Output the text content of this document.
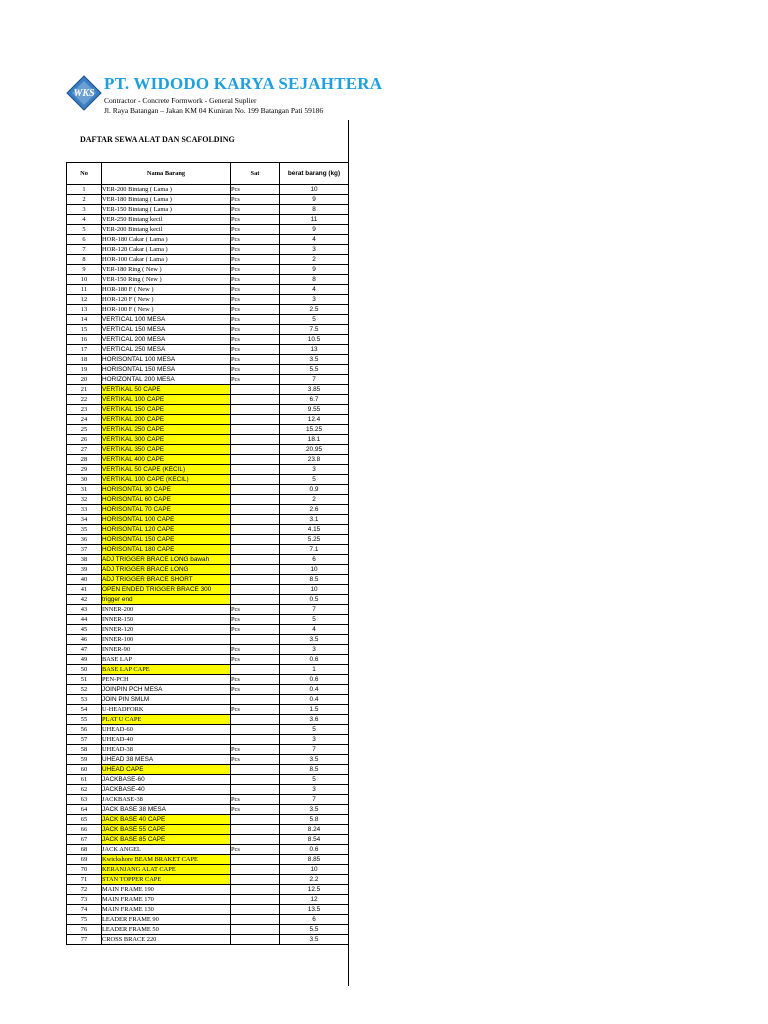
WKS
PT. WIDODO KARYA SEJAHTERA
Contractor - Concrete Formwork - General Suplier
Jl. Raya Batangan – Jakan KM 04 Kuniran No. 199 Batangan Pati 59186
DAFTAR SEWA ALAT DAN SCAFOLDING
No	Nama Barang	Sat	berat barang (kg)
1	VER-200 Bintang ( Lama )	Pcs	10
2	VER-180 Bintang ( Lama )	Pcs	9
3	VER-150 Bintang ( Lama )	Pcs	8
4	VER-250 Bintang kecil	Pcs	11
5	VER-200 Bintang kecil	Pcs	9
6	HOR-180 Cakar ( Lama )	Pcs	4
7	HOR-120 Cakar ( Lama )	Pcs	3
8	HOR-100 Cakar ( Lama )	Pcs	2
9	VER-180 Ring ( New )	Pcs	9
10	VER-150 Ring ( New )	Pcs	8
11	HOR-180 F ( New )	Pcs	4
12	HOR-120 F ( New )	Pcs	3
13	HOR-100 F ( New )	Pcs	2.5
14	VERTICAL 100 MESA	Pcs	5
15	VERTICAL 150 MESA	Pcs	7.5
16	VERTICAL 200 MESA	Pcs	10.5
17	VERTICAL 250 MESA	Pcs	13
18	HORISONTAL 100 MESA	Pcs	3.5
19	HORISONTAL 150 MESA	Pcs	5.5
20	HORIZONTAL 200 MESA	Pcs	7
21	VERTIKAL 50 CAPE		3.85
22	VERTIKAL 100 CAPE		6.7
23	VERTIKAL 150 CAPE		9.55
24	VERTIKAL 200 CAPE		12.4
25	VERTIKAL 250 CAPE		15.25
26	VERTIKAL 300 CAPE		18.1
27	VERTIKAL 350 CAPE		20.95
28	VERTIKAL 400 CAPE		23.8
29	VERTIKAL 50 CAPE (KECIL)		3
30	VERTIKAL 100 CAPE (KECIL)		5
31	HORISONTAL 30 CAPE		0.9
32	HORISONTAL 60 CAPE		2
33	HORISONTAL 70 CAPE		2.6
34	HORISONTAL 100 CAPE		3.1
35	HORISONTAL 120 CAPE		4.15
36	HORISONTAL 150 CAPE		5.25
37	HORISONTAL 180 CAPE		7.1
38	ADJ TRIGGER BRACE LONG bawah		6
39	ADJ TRIGGER BRACE LONG		10
40	ADJ TRIGGER BRACE SHORT		8.5
41	OPEN ENDED TRIGGER BRACE 300		10
42	trigger end		0.5
43	INNER-200	Pcs	7
44	INNER-150	Pcs	5
45	INNER-120	Pcs	4
46	INNER-100		3.5
47	INNER-90	Pcs	3
49	BASE LAP	Pcs	0.6
50	BASE LAP CAPE		1
51	PEN-PCH	Pcs	0.6
52	JOINPIN PCH MESA	Pcs	0.4
53	JOIN PIN SMLM		0.4
54	U-HEADFORK	Pcs	1.5
55	PLAT U CAPE		3.6
56	UHEAD-60		5
57	UHEAD-40		3
58	UHEAD-38	Pcs	7
59	UHEAD 38 MESA	Pcs	3.5
60	UHEAD CAPE		8.5
61	JACKBASE-60		5
62	JACKBASE-40		3
63	JACKBASE-38	Pcs	7
64	JACK BASE 38 MESA	Pcs	3.5
65	JACK BASE 40 CAPE		5.8
66	JACK BASE 55 CAPE		8.24
67	JACK BASE 85 CAPE		8.54
68	JACK ANGEL	Pcs	0.6
69	Kwickshore BEAM BRAKET CAPE		8.85
70	KERANJANG ALAT CAPE		10
71	STAN TOPPER CAPE		2.2
72	MAIN FRAME 190		12.5
73	MAIN FRAME 170		12
74	MAIN FRAME 130		13.5
75	LEADER FRAME 90		6
76	LEADER FRAME 50		5.5
77	CROSS BRACE 220		3.5
